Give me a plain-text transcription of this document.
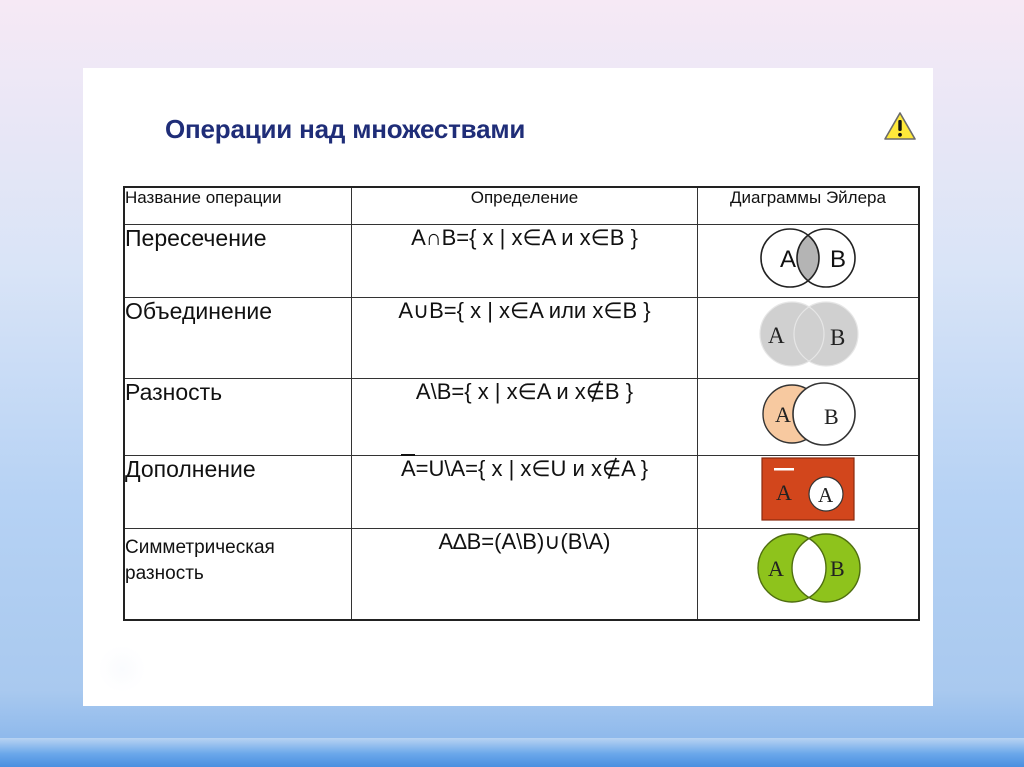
Операции над множествами
Название операции	Определение	Диаграммы Эйлера
Пересечение	A∩B={ x | x∈A и x∈B }	A B

Объединение	A∪B={ x | x∈A или x∈B }	A B

Разность	A\B={ x | x∈A и x∉B }	A B

Дополнение	A=U\A={ x | x∈U и x∉A }	A A

Симметрическая разность	A∆B=(A\B)∪(B\A)	A B
